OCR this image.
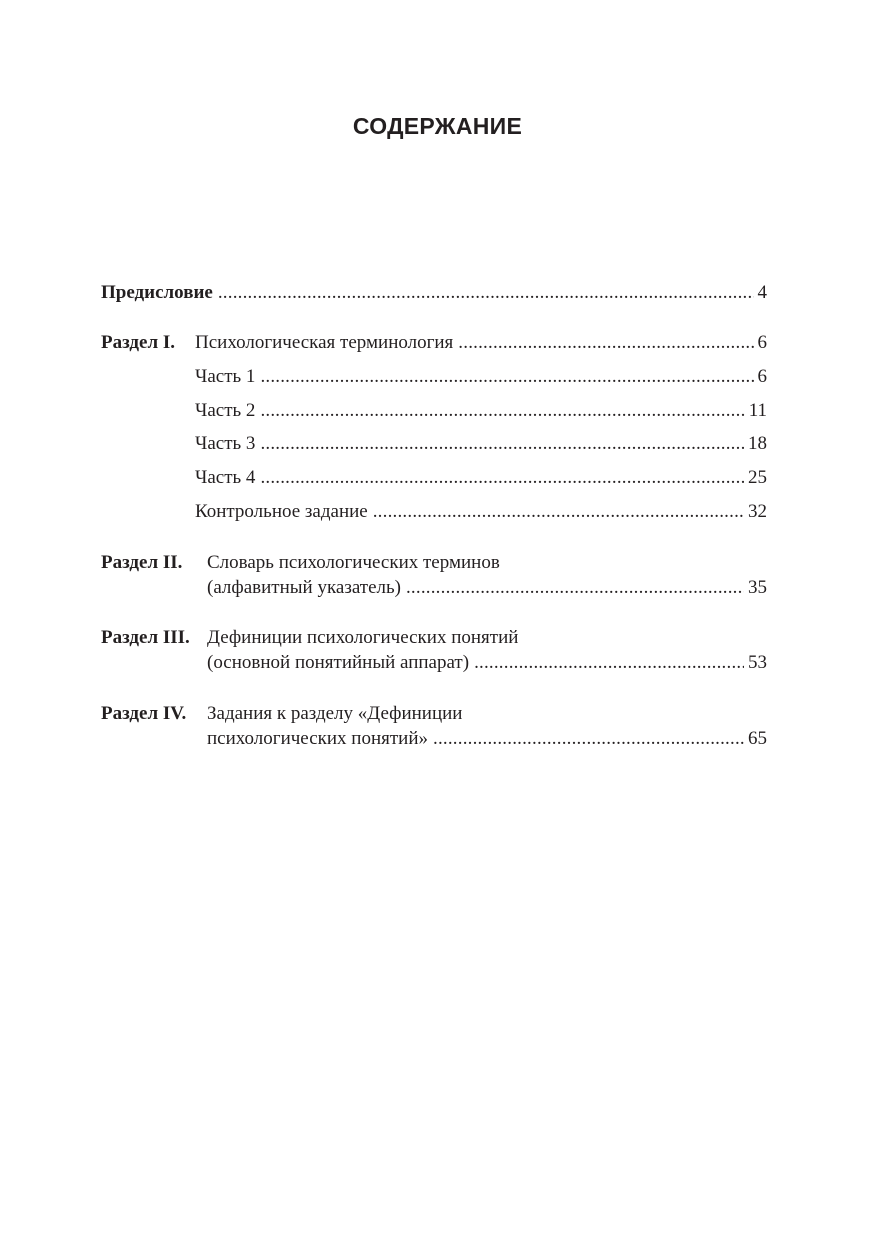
СОДЕРЖАНИЕ
Предисловие .....	4
Раздел I. Психологическая терминология .....	6
Часть 1 .....	6
Часть 2 .....	11
Часть 3 .....	18
Часть 4 .....	25
Контрольное задание .....	32
Раздел II. Словарь психологических терминов
(алфавитный указатель) .....	35
Раздел III. Дефиниции психологических понятий
(основной понятийный аппарат) .....	53
Раздел IV. Задания к разделу «Дефиниции
психологических понятий» .....	65
